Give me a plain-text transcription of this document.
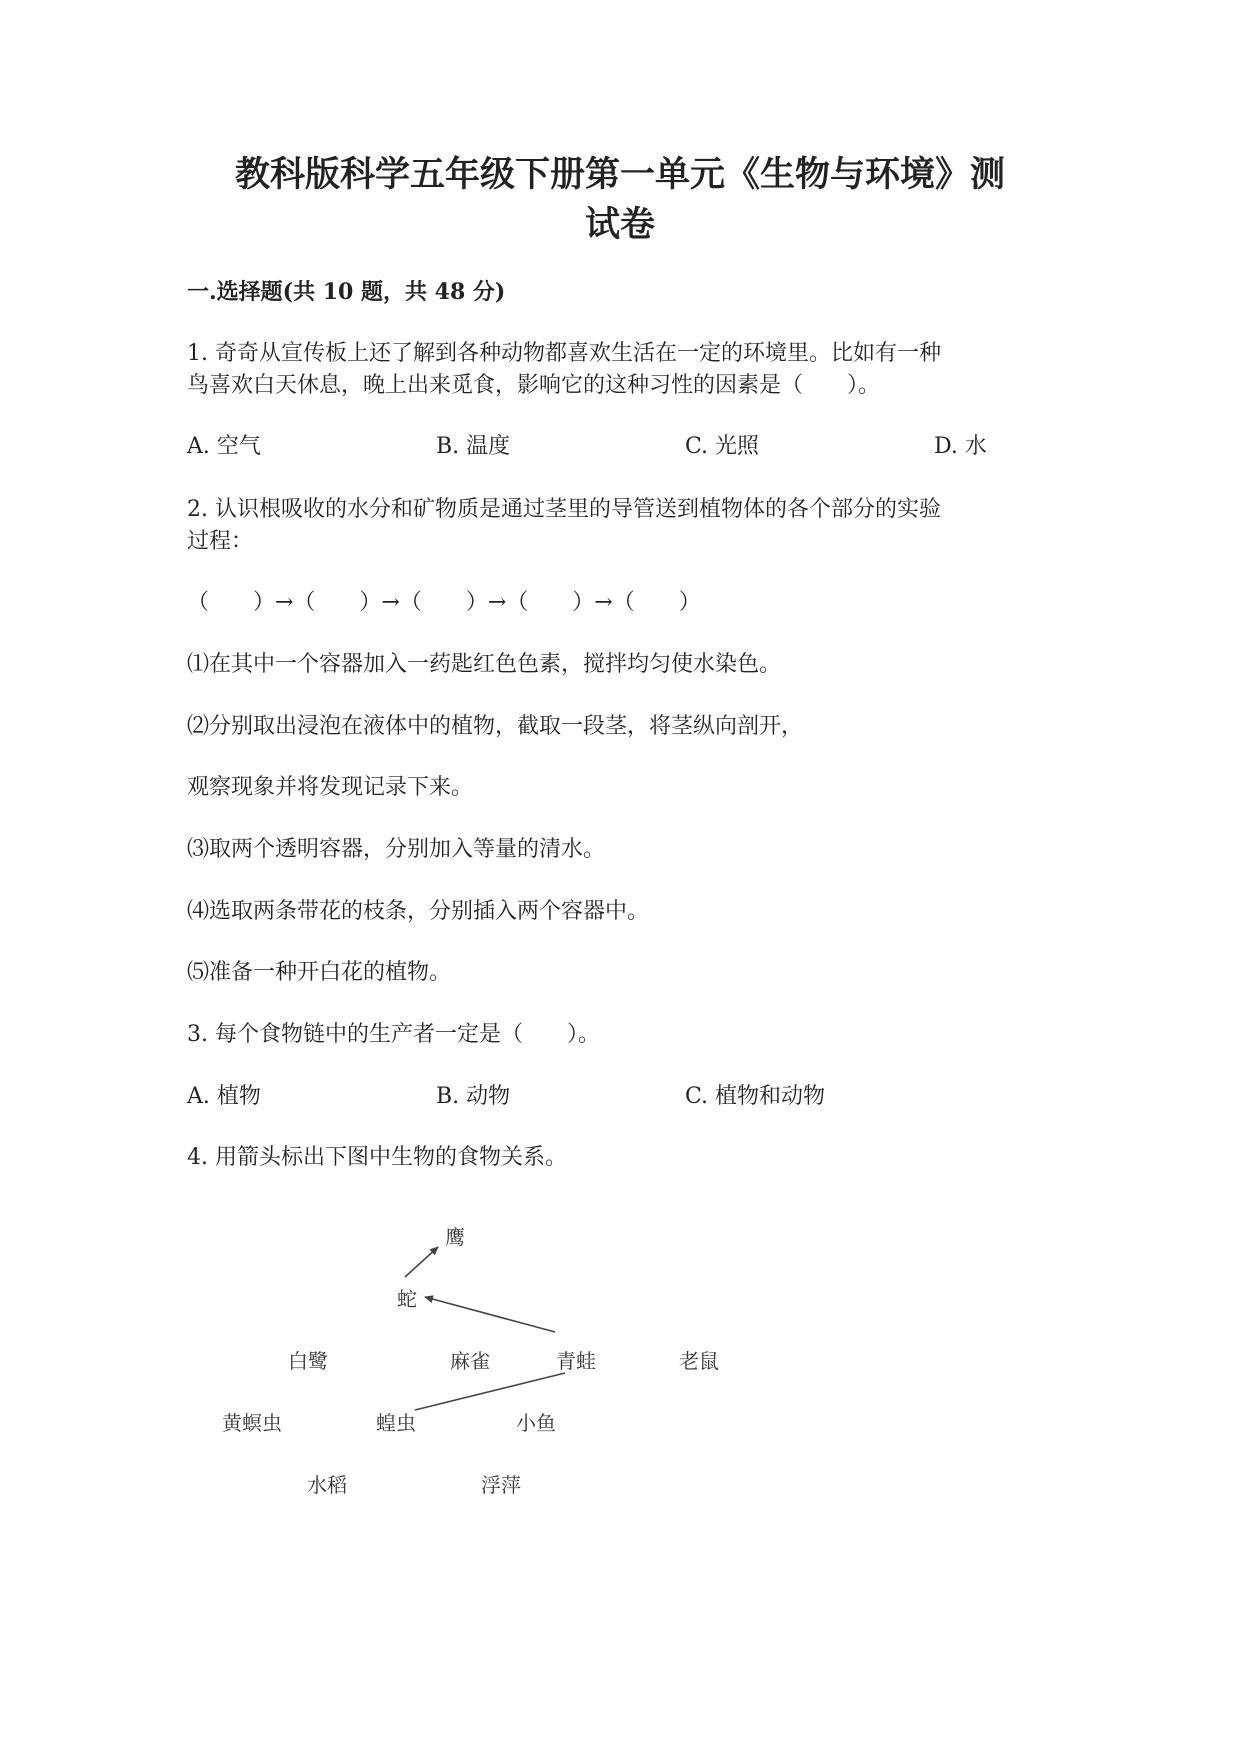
教科版科学五年级下册第一单元《生物与环境》测
试卷
一.选择题(共 10 题，共 48 分)
1. 奇奇从宣传板上还了解到各种动物都喜欢生活在一定的环境里。比如有一种
鸟喜欢白天休息，晚上出来觅食，影响它的这种习性的因素是（　　）。
A. 空气	B. 温度	C. 光照	D. 水
2. 认识根吸收的水分和矿物质是通过茎里的导管送到植物体的各个部分的实验
过程：
（　　）→（　　）→（　　）→（　　）→（　　）
⑴在其中一个容器加入一药匙红色色素，搅拌均匀使水染色。
⑵分别取出浸泡在液体中的植物，截取一段茎，将茎纵向剖开，
观察现象并将发现记录下来。
⑶取两个透明容器，分别加入等量的清水。
⑷选取两条带花的枝条，分别插入两个容器中。
⑸准备一种开白花的植物。
3. 每个食物链中的生产者一定是（　　）。
A. 植物	B. 动物	C. 植物和动物
4. 用箭头标出下图中生物的食物关系。
鹰
蛇
白鹭	麻雀	青蛙	老鼠
黄螟虫	蝗虫	小鱼
水稻	浮萍
